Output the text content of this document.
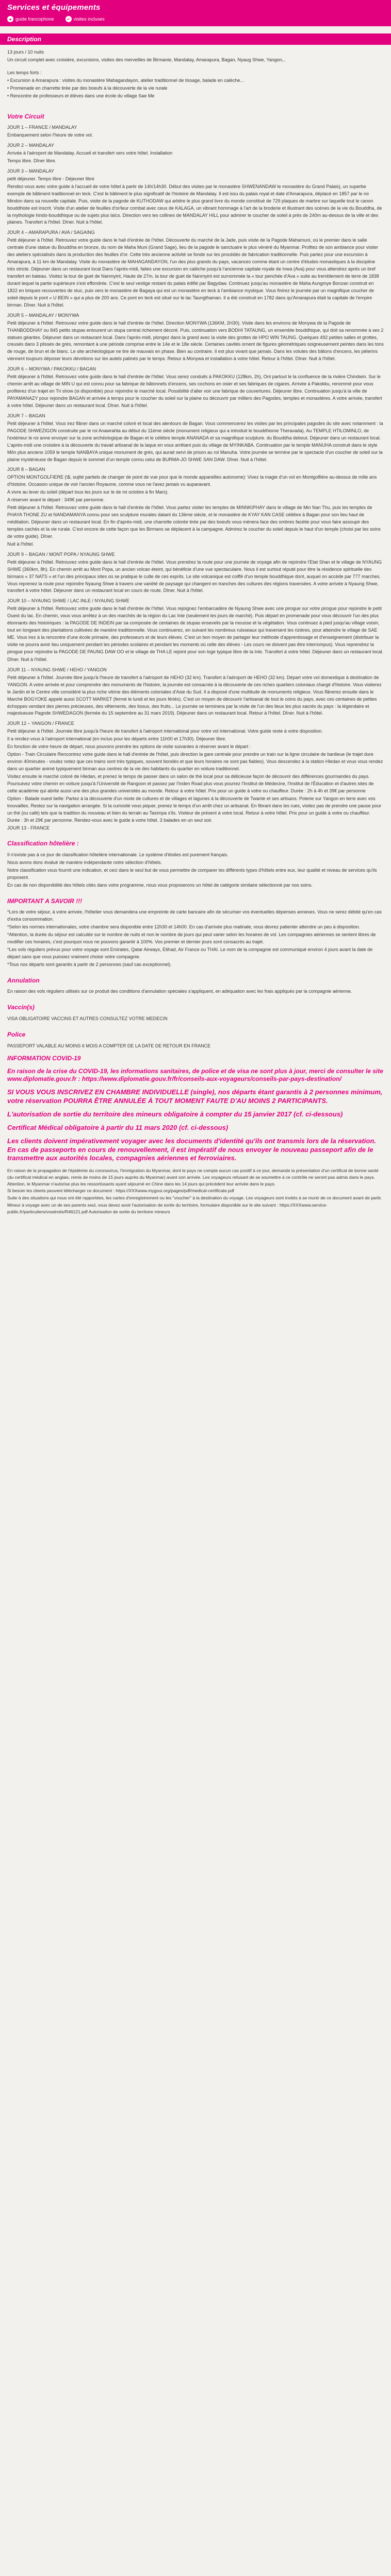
Services et équipements
● guide francophone	✓ visites incluses
Description

13 jours / 10 nuits

Un circuit complet avec croisière, excursions, visites des merveilles de Birmanie, Mandalay, Amarapura, Bagan, Nyaug Shwe, Yangon,..

Les temps forts :

• Excursion à Amarapura : visites du monastère Mahagandayon, atelier traditionnel de tissage, balade en calèche...

• Promenade en charrette tirée par des boeufs à la découverte de la vie rurale

• Rencontre de professeurs et élèves dans une école du village Sae Me

Votre Circuit

JOUR 1 – FRANCE / MANDALAY

Embarquement selon l'heure de votre vol.

JOUR 2 – MANDALAY

Arrivée à l'aéroport de Mandalay. Accueil et transfert vers votre hôtel. Installation

Temps libre. Dîner libre.

JOUR 3 – MANDALAY

petit déjeuner. Temps libre - Déjeuner libre

Rendez-vous avec votre guide à l'accueil de votre hôtel à partir de 14h/14h30. Début des visites par le monastère SHWENANDAW le monastère du Grand Palais), un superbe exemple de bâtiment traditionnel en teck. C'est le bâtiment le plus significatif de l'histoire de Mandalay. Il est issu du palais royal et date d'Amarapura, déplacé en 1857 par le roi Mindon dans sa nouvelle capitale. Puis, visite de la pagode de KUTHODAW qui arbitre le plus grand livre du monde constitué de 729 plaques de marbre sur laquelle tout le canon bouddhiste est inscrit. Visite d'un atelier de feuilles d'or/leur combat avec ceux de KALAGA, un vibrant hommage à l'art de la broderie et illustrant des scènes de la vie du Bouddha, de la mythologie hindo-bouddhique ou de sujets plus laïcs. Direction vers les collines de MANDALAY HILL pour admirer le coucher de soleil à près de 240m au-dessus de la ville et des plaines. Transfert à l'hôtel. Dîner. Nuit à l'hôtel.

JOUR 4 – AMARAPURA / AVA / SAGAING

Petit déjeuner à l'hôtel. Retrouvez votre guide dans le hall d'entrée de l'hôtel. Découverte du marché de la Jade, puis visite de la Pagode Mahamuni, où le premier dans le salle centrale d'une statue du Bouddha en bronze, du nom de Maha Muni (Grand Sage), lieu de la pagode le sanctuaire le plus vénéré du Myanmar. Profitez de son ambiance pour visiter des ateliers spécialisés dans la production des feuilles d'or. Cette très ancienne activité se fonde sur les procédés de fabrication traditionnelle. Puis partez pour une excursion à Amarapura, à 11 km de Mandalay. Visite du monastère de MAHAGANDAYON, l'un des plus grands du pays, vacances comme étant un centre d'études monastiques à la discipline très stricte. Déjeuner dans un restaurant local Dans l'après-midi, faites une excursion en calèche jusqu'à l'ancienne capitale royale de Inwa (Ava) pour vous attendrez après un bref transfert en bateau. Visitez la tour de guet de Nanmyint, Haute de 27m, la tour de guet de Nanmyint est surnommée la « tour penchée d'Ava » suite au tremblement de terre de 1838 durant lequel la partie supérieure s'est effondrée. C'est le seul vestige restant du palais édifié par Bagydaw. Continuez jusqu'au monastère de Maha Aungmye Bonzan construit en 1822 en briques recouvertes de stuc, puis vers le monastère de Bagaya qui est un monastère en teck à l'ambiance mystique. Vous finirez le journée par un magnifique coucher de soleil depuis le pont « U BEIN » qui a plus de 200 ans. Ce pont en teck est situé sur le lac Taungthaman. Il a été construit en 1782 dans qu'Amarapura était la capitale de l'empire birman. Dîner. Nuit à l'hôtel.

JOUR 5 – MANDALAY / MONYWA

Petit déjeuner à l'hôtel. Retrouvez votre guide dans le hall d'entrée de l'hôtel. Direction MONYWA (136KM, 2H30). Visite dans les environs de Monywa de la Pagode de THANBODDHAY ou 845 petits stupas entourent un stupa central richement décoré. Puis, continuation vers BODHI TATAUNG, un ensemble bouddhique, qui doit sa renommée à ses 2 statues géantes. Déjeuner dans un restaurant local. Dans l'après-midi, plongez dans la grand avec la visite des grottes de HPO WIN TAUNG. Quelques 492 petites salles et grottes, creusés dans 3 plissés de grès, remontant à une période comprise entre le 14e et le 18e siècle. Certaines cavités ornent de figures géométriques soigneusement peintes dans les tons de rouge, de brun et de blanc. Le site archéologique ne tire de mauvais en phase. Bien au contraire. Il est plus vivant que jamais. Dans les volutes des bâtons d'encens, les pèlerins viennent toujours déposer leurs dévotions sur les autels patinés par le temps. Retour à Monywa et installation à votre hôtel. Retour à l'hôtel. Dîner. Nuit à l'hôtel.

JOUR 6 – MONYWA / PAKOKKU / BAGAN

Petit déjeuner à l'hôtel. Retrouvez votre guide dans le hall d'entrée de l'hôtel. Vous serez conduits à PAKOKKU (128km, 2h), Ont partout le la confluence de la rivière Chindwin. Sur le chemin arrêt au village de MIN U qui est connu pour sa fabrique de bâtonnets d'encens, ses cochons en osier et ses fabriques de cigares. Arrivée à Pakokku, renommé pour vous profiterez d'un trajet en Tri show (si disponible) pour rejoindre le marché local. Possibilité d'aller voir une fabrique de couvertures. Déjeuner libre. Continuation jusqu'à la ville de PAYAMANAZY pour rejoindre BAGAN et arrivée à temps pour le coucher du soleil sur la plaine ou découvrir par milliers des Pagodes, temples et monastères. A votre arrivée, transfert à votre hôtel. Déjeuner dans un restaurant local. Dîner. Nuit à l'hôtel.

JOUR 7 – BAGAN

Petit déjeuner à l'hôtel. Vous irez flâner dans un marché coloré et local des alentours de Bagan. Vous commencerez les visites par les principales pagodes du site avec notamment : la PAGODE SHWEZIGON construite par le roi Anawrahta au début du 11ème siècle (monument religieux qui a introduit le bouddhisme Theravada). Au TEMPLE HTILOMINLO, de l'extérieur le roi anne envoyer sur la zone archéologique de Bagan et le célèbre temple ANANADA et sa magnifique sculpture. du Bouddha debout. Déjeuner dans un restaurant local. L'après-midi une croisière à la découverte du travail artisanal de la laque en vous arrêtant puis du village de MYINKABA. Continuation par le temple MANUHA construit dans le style Môn plus anciens 1059 le temple NANBAYA unique monument de grès, qui aurait servi de prison au roi Manuha. Votre journée se termine par le spectacle d'un coucher de soleil sur la plaine mystérieuse de Bagan depuis le sommet d'un temple connu celui de BURMA-JO SHWE SAN DAW. Dîner. Nuit à l'hôtel.

JOUR 8 – BAGAN

OPTION MONTGOLFIERE (\$, sujtté partiels de changer de point de vue pour que le monde appareilles autonome): Vivez la magie d'un vol en Montgolfière au-dessus de mille ans d'histoire. Occasion unique de voir l'ancien Royaume, comme vous ne l'avez jamais vu auparavant.

A vivre au lever du soleil (départ tous les jours sur le de mi octobre à fin Mars).

A réserver avant le départ : 349€ par personne.

Petit déjeuner à l'hôtel. Retrouvez votre guide dans le hall d'entrée de l'hôtel. Vous partez visiter les temples de MINNKIPHAY dans le village de Min Nan Thu, puis les temples de PHAYA THONE ZU et NANDAMANYA connu pour ses sculpture murales datant du 13ème siècle, et le monastère de KYAY KAN CASE célèbre à Bagan pour son lieu haut de méditation. Déjeuner dans un restaurant local. En fin d'après-midi, une charrette colorée tirée par des boeufs vous mènera face des ombres facétie pour vous faire assoupir des temples cachés et la vie rurale. C'est encore de cette façon que les Birmans se déplacent à la campagne. Admirez le coucher du soleil depuis le haut d'un temple (choisi par les soins de votre guide). Dîner.

Nuit à l'hôtel.

JOUR 9 – BAGAN / MONT POPA / NYAUNG SHWE

Petit déjeuner à l'hôtel. Retrouvez votre guide dans le hall d'entrée de l'hôtel. Vous prendrez la route pour une journée de voyage afin de rejoindre l'Etat Shan et le village de NYAUNG SHWE (360km, 8h). En chemin arrêt au Mont Popa, un ancien volcan éteint, qui bénéficie d'une vue spectaculaire. Nous il est surtout réputé pour être la résidence spirituelle des birmans « 37 NATS » et l'un des principaux sites où se pratique le culte de ces esprits. Le site volcanique est coiffé d'un temple bouddhique dont, auquel on accède par 777 marches. Vous reprenez la route pour rejoindre Nyaung Shwe à travers une variété de paysage qui changent en tranches des cultures des régions traversées. A votre arrivée à Nyaung Shwe, transfert à votre hôtel. Déjeuner dans un restaurant local en cours de route. Dîner. Nuit à l'hôtel.

JOUR 10 – NYAUNG SHWE / LAC INLE / NYAUNG SHWE

Petit déjeuner à l'hôtel. Retrouvez votre guide dans le hall d'entrée de l'hôtel. Vous rejoignez l'embarcadère de Nyaung Shwe avec une pirogue sur votre pirogue pour rejoindre le petit Ouest du lac. En chemin, vous vous arrêtez à un des marchés de la région du Lac Inle (seulement les jours de marché). Puis départ en promenade pour vous découvrir l'un des plus étonnants des histoiriques : la PAGODE DE INDEIN par sa composée de centaines de stupas ensevelis par la mousse et la végétation. Vous continuez à pied jusqu'au village voisin, tout en longeant des plantations cultivées de manière traditionnelle. Vous continuerez, en suivant les nombreux ruisseaux qui traversent les rizières, pour atteindre le village de SAE ME. Vous irez à la rencontre d'une école primaire, des professeurs et de leurs élèves. C'est un bon moyen de partager leur méthode d'apprentissage et d'enseignement (distribuer la visite ne pourra avoir lieu uniquement pendant les périodes scolaires et pendant les moments où celle des élèves - Les cours ne doivent pas être interrompus). Vous reprendrez la pirogue pour rejoindre la PAGODE DE PAUNG DAW OO et le village de THA LE rejoint pour son loge typique libre de la Inle. Transfert à votre hôtel. Déjeuner dans un restaurant local.

Dîner. Nuit à l'hôtel.

JOUR 11 – NYAUNG SHWE / HEHO / YANGON

Petit déjeuner à l'hôtel. Journée libre jusqu'à l'heure de transfert à l'aéroport de HEHO (32 km). Transfert à l'aéroport de HEHO (32 km). Départ votre vol domestique à destination de YANGON. A votre arrivée et pour comprendre des monuments de l'histoire, la journée est consacrée à la découverte de ces riches quartiers coloniaux chargé d'histoire. Vous visiterez le Jardin et le Centre ville considéré la plus riche vitrine des éléments coloniales d'Asie du Sud. Il a disposé d'une multitude de monuments religieux. Vous flânerez ensuite dans le Marché BOGYOKE appelé aussi SCOTT MARKET (fermé le lundi et les jours fériés). C'est un moyen de découvrir l'artisanat de tout le coins du pays, avec ces centaines de petites échoppes vendant des pierres précieuses, des vêtements, des tissus, des fruits... Le journée se terminera par la visite de l'un des lieux les plus sacrés du pays : la légendaire et majestueuse Pagode SHWEDAGON (fermée du 15 septembre au 31 mars 2019). Déjeuner dans un restaurant local. Retour à l'hôtel. Dîner. Nuit à l'hôtel.

JOUR 12 – YANGON / FRANCE

Petit déjeuner à l'hôtel. Journée libre jusqu'à l'heure de transfert à l'aéroport international pour votre vol international. Votre guide reste à votre disposition.

Il a rendez-vous à l'aéroport international (en inclus pour les départs entre 11h00 et 17h30). Déjeuner libre.

En fonction de votre heure de départ, nous pouvons prendre les options de visite suivantes à réserver avant le départ :

Option - Train Circulaire Rencontrez votre guide dans le hall d'entrée de l'hôtel, puis direction la gare centrale pour prendre un train sur la ligne circulaire de banlieue (le trajet dure environ 40minutes - voulez notez que ces trains sont très typiques, souvent bondés et que leurs horaires ne sont pas fiables). Vous descendez à la station Hledan et vous vous rendez dans un quartier animé typiquement birman aux centres de la vie des habitants du quartier en voiture traditionnel.

Visitez ensuite le marché coloré de Hledan, et prenez le temps de passer dans un salon de thé local pour sa délicieuse façon de découvrir des différences gourmandes du pays. Poursuivez votre chemin en voiture jusqu'à l'Université de Rangoon et passez par l'Inden Road plus vous pourrez l'Institut de Médecine, l'Institut de l'Éducation et d'autres sites de cette académie qui abrite aussi une des plus grandes universités au monde. Retour à votre hôtel. Prix pour un guide à votre ou chauffeur. Durée : 2h à 4h et 39€ par personne

Option - Balade ouest belle: Partez à la découverte d'un mixte de cultures et de villages et lagunes à la découverte de Twante et ses artisans. Poterie sur Yangon en terre avec vos trouvailles. Restez sur la navigation arrangée. Si la curiosité vous piquer, prenez le temps d'un arrêt chez un artisanat. En fibrant dans les rues, visitez pas de prendre une pause pour un thé (ou café) tels que la tradition du nouveau et bien du terrain au Tasimpa s'ils. Visiteur de présent à votre local. Retour à votre hôtel. Prix pour un guide à votre ou chauffeur. Durée : 3h et 29€ par personne. Rendez-vous avec le guide à votre hôtel. 3 balades en un seul soir.

JOUR 13 - FRANCE

Classification hôtelière :

Il n'existe pas à ce jour de classification hôtelière internationale. Le système d'étoiles est purement français.

Nous avons donc évalué de manière indépendante notre sélection d'hôtels.

Notre classification vous fournit une indication, et ceci dans le seul but de vous permettre de comparer les différents types d'hôtels entre eux, leur qualité et niveau de services qu'ils proposent.

En cas de non disponibilité des hôtels cités dans votre programme, nous vous proposerons un hôtel de catégorie similaire sélectionné par nos soins.

IMPORTANT A SAVOIR !!!

*Lors de votre séjour, à votre arrivée, l'hôtelier vous demandera une empreinte de carte bancaire afin de sécuriser vos éventuelles dépenses annexes. Vous ne serez débité qu'en cas d'extra consommation.

*Selon les normes internationales, votre chambre sera disponible entre 12h30 et 14h00. En cas d'arrivée plus matinale, vous devrez patienter attendre un peu à disposition.

*Attention, la durée du séjour est calculée sur le nombre de nuits et non le nombre de jours qui peut varier selon les horaires de vol. Les compagnies aériennes se sentent libres de modifier ces horaires, c'est pourquoi nous ne pouvons garantir à 100%. Vos premier et dernier jours sont consacrés au trajet.

*Les vols réguliers prévus pour votre voyage sont Emirates, Qatar Airways, Etihad, Air France ou THAI. Le nom de la compagnie est communiqué environ 4 jours avant la date de départ sans que vous puissiez vraiment choisir votre compagnie.

*Tous nos départs sont garantis à partir de 2 personnes (sauf cas exceptionnel).

Annulation

En raison des vols réguliers utilisés sur ce produit des conditions d'annulation spéciales s'appliquent, en adéquation avec les frais appliqués par la compagnie aérienne.

Vaccin(s)

VISA OBLIGATOIRE VACCINS ET AUTRES CONSULTEZ VOTRE MEDECIN

Police

PASSEPORT VALABLE AU MOINS 6 MOIS A COMPTER DE LA DATE DE RETOUR EN FRANCE

INFORMATION COVID-19

En raison de la crise du COVID-19, les informations sanitaires, de police et de visa ne sont plus à jour, merci de consulter le site www.diplomatie.gouv.fr : https://www.diplomatie.gouv.fr/fr/conseils-aux-voyageurs/conseils-par-pays-destination/

SI VOUS VOUS INSCRIVEZ EN CHAMBRE INDIVIDUELLE (single), nos départs étant garantis à 2 personnes minimum, votre réservation POURRA ÊTRE ANNULÉE À TOUT MOMENT FAUTE D'AU MOINS 2 PARTICIPANTS.

L'autorisation de sortie du territoire des mineurs obligatoire à compter du 15 janvier 2017 (cf. ci-dessous)

Certificat Médical obligatoire à partir du 11 mars 2020 (cf. ci-dessous)

Les clients doivent impérativement voyager avec les documents d'identité qu'ils ont transmis lors de la réservation. En cas de passeports en cours de renouvellement, il est impératif de nous envoyer le nouveau passeport afin de le transmettre aux autorités locales, compagnies aériennes et ferroviaires.

En raison de la propagation de l'épidémie du coronavirus, l'immigration du Myanmar, dont le pays ne compte aucun cas positif à ce jour, demande la présentation d'un certificat de bonne santé (du certificat médical en anglais, remis de moins de 15 jours auprès du Myanmar) avant son arrivée. Les voyageurs refusant de se soumettre à ce contrôle ne seront pas admis dans le pays. Attention, le Myanmar n'autorise plus les ressortissants ayant séjourné en Chine dans les 14 jours qui précèdent leur arrivée dans le pays.

Si besoin les clients peuvent télécharger ce document : https://XXXwww.mygoui.org/pages/pdf/medical-certificate.pdf

Suite à des situations qui nous ont été rapportées, les cartes d'enregistrement ou les "voucher" à la destination du voyage. Les voyageurs sont invités à se munir de ce document avant de partir.

Mineur à voyage avec un de ses parents seul, vous devez avoir l'autorisation de sortie du territoire, formulaire disponible sur le site suivant : https://XXXwww.service-public.fr/particuliers/vosdroits/R46121.pdf Autorisation de sortie du territoire mineurs
